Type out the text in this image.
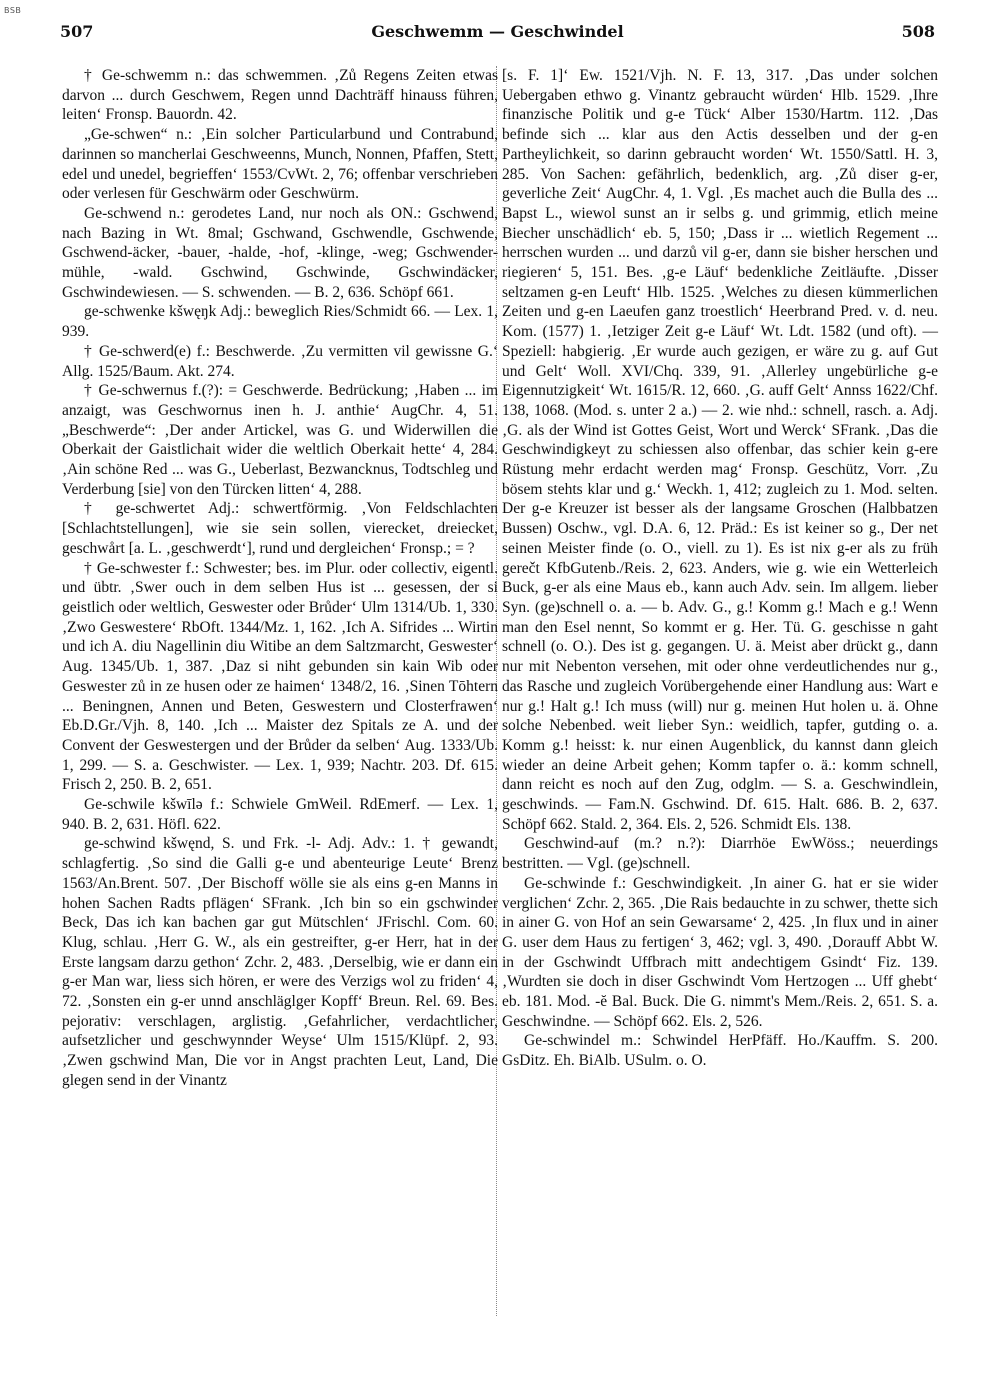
BSB
507	Geschwemm — Geschwindel	508

† Ge-schwemm n.: das schwemmen. ‚Zů Regens Zeiten etwas darvon ... durch Geschwem, Regen unnd Dachträff hinauss führen, leiten‘ Fronsp. Bauordn. 42.

„Ge-schwen“ n.: ‚Ein solcher Particularbund und Contrabund, darinnen so mancherlai Geschweenns, Munch, Nonnen, Pfaffen, Stett, edel und unedel, begrieffen‘ 1553/CvWt. 2, 76; offenbar verschrieben oder verlesen für Geschwärm oder Geschwürm.

Ge-schwend n.: gerodetes Land, nur noch als ON.: Gschwend, nach Bazing in Wt. 8mal; Gschwand, Gschwendle, Gschwende, Gschwend-äcker, -bauer, -halde, -hof, -klinge, -weg; Gschwender-mühle, -wald. Gschwind, Gschwinde, Gschwindäcker, Gschwindewiesen. — S. schwenden. — B. 2, 636. Schöpf 661.

ge-schwenke kšwęŋk Adj.: beweglich Ries/Schmidt 66. — Lex. 1, 939.

† Ge-schwerd(e) f.: Beschwerde. ‚Zu vermitten vil gewissne G.‘ Allg. 1525/Baum. Akt. 274.

† Ge-schwernus f.(?): = Geschwerde. Bedrückung; ‚Haben ... im anzaigt, was Geschwornus inen h. J. anthie‘ AugChr. 4, 51. „Beschwerde“: ‚Der ander Artickel, was G. und Widerwillen die Oberkait der Gaistlichait wider die weltlich Oberkait hette‘ 4, 284. ‚Ain schöne Red ... was G., Ueberlast, Bezwancknus, Todtschleg und Verderbung [sie] von den Türcken litten‘ 4, 288.

† ge-schwertet Adj.: schwertförmig. ‚Von Feldschlachten [Schlachtstellungen], wie sie sein sollen, vierecket, dreiecket, geschwårt [a. L. ‚geschwerdt‘], rund und dergleichen‘ Fronsp.; = ?

† Ge-schwester f.: Schwester; bes. im Plur. oder collectiv, eigentl. und übtr. ‚Swer ouch in dem selben Hus ist ... gesessen, der si geistlich oder weltlich, Geswester oder Brůder‘ Ulm 1314/Ub. 1, 330. ‚Zwo Geswestere‘ RbOft. 1344/Mz. 1, 162. ‚Ich A. Sifrides ... Wirtin und ich A. diu Nagellinin diu Witibe an dem Saltzmarcht, Geswester‘ Aug. 1345/Ub. 1, 387. ‚Daz si niht gebunden sin kain Wib oder Geswester zů in ze husen oder ze haimen‘ 1348/2, 16. ‚Sinen Tōhtern ... Beningnen, Annen und Beten, Geswestern und Closterfrawen‘ Eb.D.Gr./Vjh. 8, 140. ‚Ich ... Maister dez Spitals ze A. und der Convent der Geswestergen und der Brůder da selben‘ Aug. 1333/Ub. 1, 299. — S. a. Geschwister. — Lex. 1, 939; Nachtr. 203. Df. 615. Frisch 2, 250. B. 2, 651.

Ge-schwile kšwīlə f.: Schwiele GmWeil. RdEmerf. — Lex. 1, 940. B. 2, 631. Höfl. 622.

ge-schwind kšwęnd, S. und Frk. -l- Adj. Adv.: 1. † gewandt, schlagfertig. ‚So sind die Galli g-e und abenteurige Leute‘ Brenz 1563/An.Brent. 507. ‚Der Bischoff wölle sie als eins g-en Manns in hohen Sachen Radts pflägen‘ SFrank. ‚Ich bin so ein gschwinder Beck, Das ich kan bachen gar gut Mütschlen‘ JFrischl. Com. 60. Klug, schlau. ‚Herr G. W., als ein gestreifter, g-er Herr, hat in der Erste langsam darzu gethon‘ Zchr. 2, 483. ‚Derselbig, wie er dann ein g-er Man war, liess sich hören, er were des Verzigs wol zu friden‘ 4, 72. ‚Sonsten ein g-er unnd anschläglger Kopff‘ Breun. Rel. 69. Bes. pejorativ: verschlagen, arglistig. ‚Gefahrlicher, verdachtlicher, aufsetzlicher und geschwynnder Weyse‘ Ulm 1515/Klüpf. 2, 93. ‚Zwen gschwind Man, Die vor in Angst prachten Leut, Land, Die glegen send in der Vinantz

[s. F. 1]‘ Ew. 1521/Vjh. N. F. 13, 317. ‚Das under solchen Uebergaben ethwo g. Vinantz gebraucht würden‘ Hlb. 1529. ‚Ihre finanzische Politik und g-e Tück‘ Alber 1530/Hartm. 112. ‚Das befinde sich ... klar aus den Actis desselben und der g-en Partheylichkeit, so darinn gebraucht worden‘ Wt. 1550/Sattl. H. 3, 285. Von Sachen: gefährlich, bedenklich, arg. ‚Zů diser g-er, geverliche Zeit‘ AugChr. 4, 1. Vgl. ‚Es machet auch die Bulla des ... Bapst L., wiewol sunst an ir selbs g. und grimmig, etlich meine Biecher unschädlich‘ eb. 5, 150; ‚Dass ir ... wietlich Regement ... herrschen wurden ... und darzů vil g-er, dann sie bisher herschen und riegieren‘ 5, 151. Bes. ‚g-e Läuf‘ bedenkliche Zeitläufte. ‚Disser seltzamen g-en Leuft‘ Hlb. 1525. ‚Welches zu diesen kümmerlichen Zeiten und g-en Laeufen ganz troestlich‘ Heerbrand Pred. v. d. neu. Kom. (1577) 1. ‚Ietziger Zeit g-e Läuf‘ Wt. Ldt. 1582 (und oft). — Speziell: habgierig. ‚Er wurde auch gezigen, er wäre zu g. auf Gut und Gelt‘ Woll. XVI/Chq. 339, 91. ‚Allerley ungebürliche g-e Eigennutzigkeit‘ Wt. 1615/R. 12, 660. ‚G. auff Gelt‘ Annss 1622/Chf. 138, 1068. (Mod. s. unter 2 a.) — 2. wie nhd.: schnell, rasch. a. Adj. ‚G. als der Wind ist Gottes Geist, Wort und Werck‘ SFrank. ‚Das die Geschwindigkeyt zu schiessen also offenbar, das schier kein g-ere Rüstung mehr erdacht werden mag‘ Fronsp. Geschütz, Vorr. ‚Zu bösem stehts klar und g.‘ Weckh. 1, 412; zugleich zu 1. Mod. selten. Der g-e Kreuzer ist besser als der langsame Groschen (Halbbatzen Bussen) Oschw., vgl. D.A. 6, 12. Präd.: Es ist keiner so g., Der net seinen Meister finde (o. O., viell. zu 1). Es ist nix g-er als zu früh gerečt KfbGutenb./Reis. 2, 623. Anders, wie g. wie ein Wetterleich Buck, g-er als eine Maus eb., kann auch Adv. sein. Im allgem. lieber Syn. (ge)schnell o. a. — b. Adv. G., g.! Komm g.! Mach e g.! Wenn man den Esel nennt, So kommt er g. Her. Tü. G. geschisse n gaht schnell (o. O.). Des ist g. gegangen. U. ä. Meist aber drückt g., dann nur mit Nebenton versehen, mit oder ohne verdeutlichendes nur g., das Rasche und zugleich Vorübergehende einer Handlung aus: Wart e nur g.! Halt g.! Ich muss (will) nur g. meinen Hut holen u. ä. Ohne solche Nebenbed. weit lieber Syn.: weidlich, tapfer, gutding o. a. Komm g.! heisst: k. nur einen Augenblick, du kannst dann gleich wieder an deine Arbeit gehen; Komm tapfer o. ä.: komm schnell, dann reicht es noch auf den Zug, odglm. — S. a. Geschwindlein, geschwinds. — Fam.N. Gschwind. Df. 615. Halt. 686. B. 2, 637. Schöpf 662. Stald. 2, 364. Els. 2, 526. Schmidt Els. 138.

Geschwind-auf (m.? n.?): Diarrhöe EwWöss.; neuerdings bestritten. — Vgl. (ge)schnell.

Ge-schwinde f.: Geschwindigkeit. ‚In ainer G. hat er sie wider verglichen‘ Zchr. 2, 365. ‚Die Rais bedauchte in zu schwer, thette sich in ainer G. von Hof an sein Gewarsame‘ 2, 425. ‚In flux und in ainer G. user dem Haus zu fertigen‘ 3, 462; vgl. 3, 490. ‚Dorauff Abbt W. in der Gschwindt Uffbrach mitt andechtigem Gsindt‘ Fiz. 139. ‚Wurdten sie doch in diser Gschwindt Vom Hertzogen ... Uff ghebt‘ eb. 181. Mod. -ĕ Bal. Buck. Die G. nimmt's Mem./Reis. 2, 651. S. a. Geschwindne. — Schöpf 662. Els. 2, 526.

Ge-schwindel m.: Schwindel HerPfäff. Ho./Kauffm. S. 200. GsDitz. Eh. BiAlb. USulm. o. O.
